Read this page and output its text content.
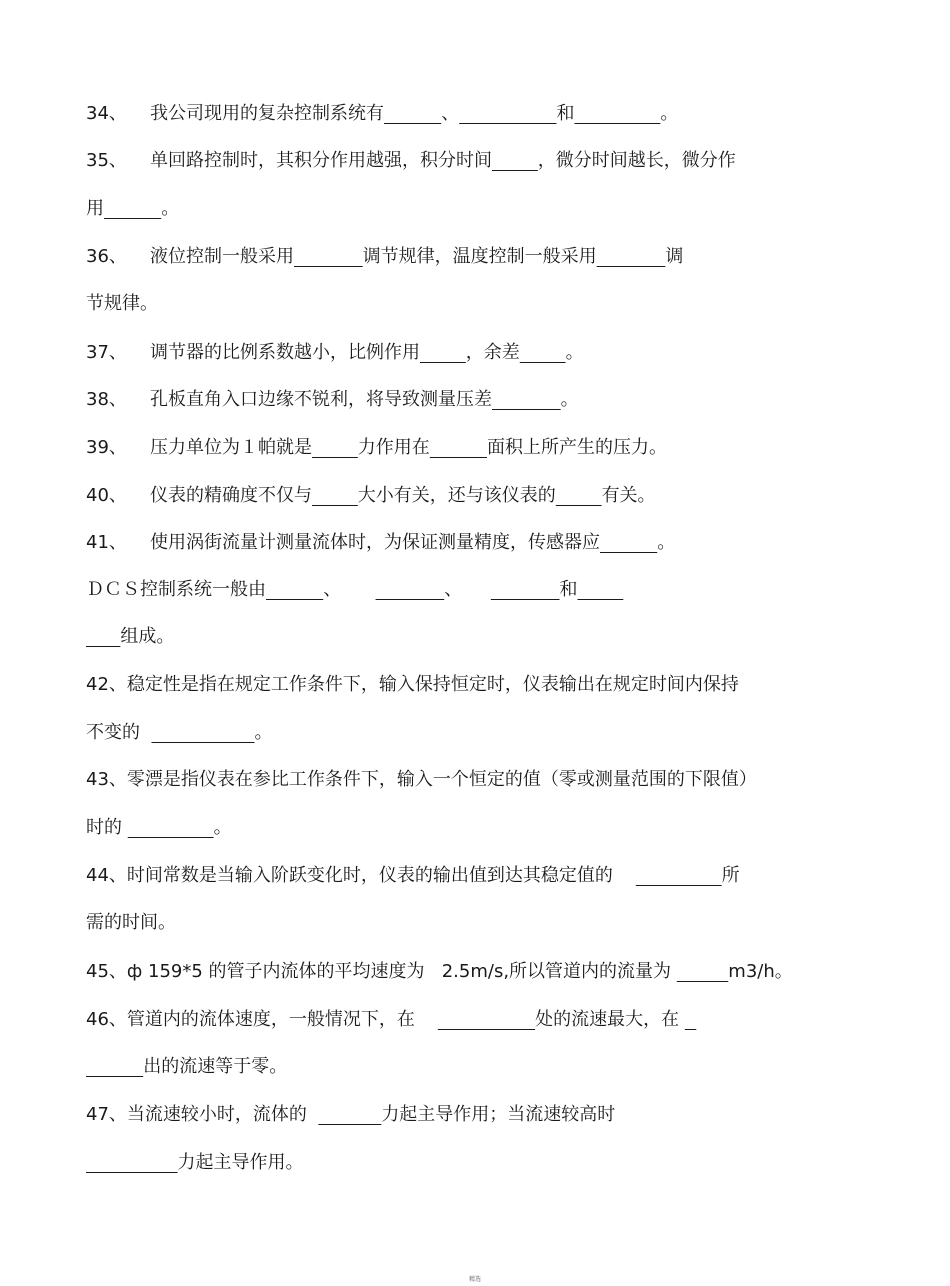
34、 我公司现用的复杂控制系统有	、	和	。
35、 单回路控制时，其积分作用越强，积分时间	，微分时间越长，微分作
用	。
36、 液位控制一般采用	调节规律，温度控制一般采用	调
节规律。
37、 调节器的比例系数越小，比例作用	，余差	。
38、 孔板直角入口边缘不锐利，将导致测量压差	。
39、 压力单位为１帕就是	力作用在	面积上所产生的压力。
40、 仪表的精确度不仅与	大小有关，还与该仪表的	有关。
41、 使用涡街流量计测量流体时，为保证测量精度，传感器应	。
ＤＣＳ控制系统一般由	、	、	和
组成。
42、稳定性是指在规定工作条件下，输入保持恒定时，仪表输出在规定时间内保持
不变的	。
43、零漂是指仪表在参比工作条件下，输入一个恒定的值（零或测量范围的下限值）
时的	。
44、时间常数是当输入阶跃变化时，仪表的输出值到达其稳定值的	所
需的时间。
45、ф 159*5 的管子内流体的平均速度为 2.5m/s,所以管道内的流量为	m3/h。
46、管道内的流体速度，一般情况下，在	处的流速最大，在
出的流速等于零。
47、当流速较小时，流体的	力起主导作用；当流速较高时
力起主导作用。
精选
